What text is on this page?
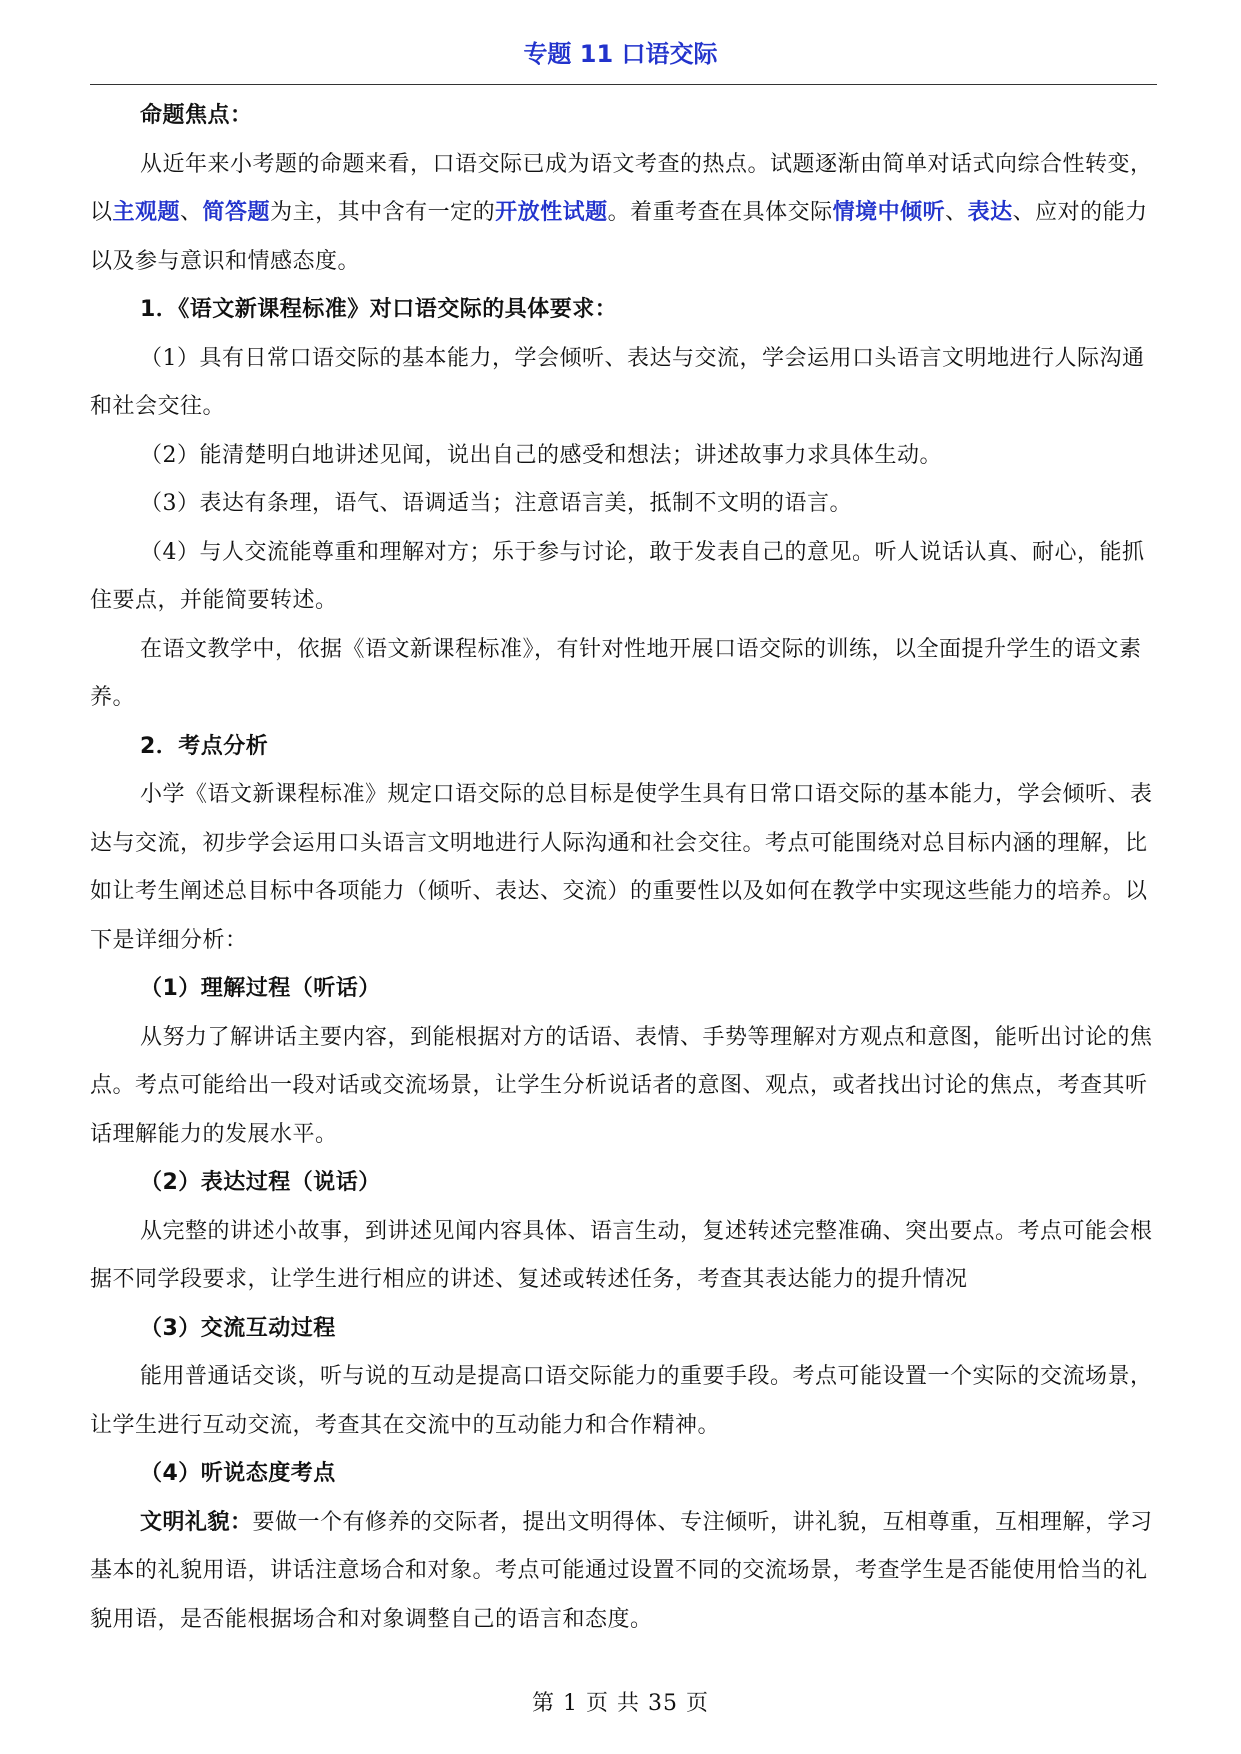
专题 11 口语交际

命题焦点：

从近年来小考题的命题来看，口语交际已成为语文考查的热点。试题逐渐由简单对话式向综合性转变，以主观题、简答题为主，其中含有一定的开放性试题。着重考查在具体交际情境中倾听、表达、应对的能力以及参与意识和情感态度。

1．《语文新课程标准》对口语交际的具体要求：

（1）具有日常口语交际的基本能力，学会倾听、表达与交流，学会运用口头语言文明地进行人际沟通和社会交往。

（2）能清楚明白地讲述见闻，说出自己的感受和想法；讲述故事力求具体生动。

（3）表达有条理，语气、语调适当；注意语言美，抵制不文明的语言。

（4）与人交流能尊重和理解对方；乐于参与讨论，敢于发表自己的意见。听人说话认真、耐心，能抓住要点，并能简要转述。

在语文教学中，依据《语文新课程标准》，有针对性地开展口语交际的训练，以全面提升学生的语文素养。

2．考点分析

小学《语文新课程标准》规定口语交际的总目标是使学生具有日常口语交际的基本能力，学会倾听、表达与交流，初步学会运用口头语言文明地进行人际沟通和社会交往。考点可能围绕对总目标内涵的理解，比如让考生阐述总目标中各项能力（倾听、表达、交流）的重要性以及如何在教学中实现这些能力的培养。以下是详细分析：

（1）理解过程（听话）

从努力了解讲话主要内容，到能根据对方的话语、表情、手势等理解对方观点和意图，能听出讨论的焦点。考点可能给出一段对话或交流场景，让学生分析说话者的意图、观点，或者找出讨论的焦点，考查其听话理解能力的发展水平。

（2）表达过程（说话）

从完整的讲述小故事，到讲述见闻内容具体、语言生动，复述转述完整准确、突出要点。考点可能会根据不同学段要求，让学生进行相应的讲述、复述或转述任务，考查其表达能力的提升情况

（3）交流互动过程

能用普通话交谈，听与说的互动是提高口语交际能力的重要手段。考点可能设置一个实际的交流场景，让学生进行互动交流，考查其在交流中的互动能力和合作精神。

（4）听说态度考点

文明礼貌：要做一个有修养的交际者，提出文明得体、专注倾听，讲礼貌，互相尊重，互相理解，学习基本的礼貌用语，讲话注意场合和对象。考点可能通过设置不同的交流场景，考查学生是否能使用恰当的礼貌用语，是否能根据场合和对象调整自己的语言和态度。

第 1 页 共 35 页
